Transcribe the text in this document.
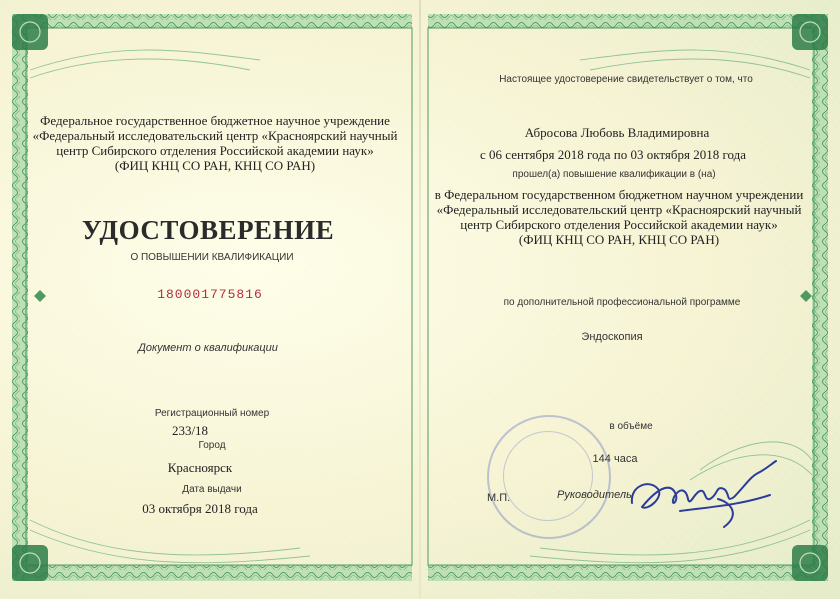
Федеральное государственное бюджетное научное учреждение
«Федеральный исследовательский центр «Красноярский научный
центр Сибирского отделения Российской академии наук»
(ФИЦ КНЦ СО РАН, КНЦ СО РАН)
УДОСТОВЕРЕНИЕ
О ПОВЫШЕНИИ КВАЛИФИКАЦИИ
180001775816
Документ о квалификации
Регистрационный номер
233/18
Город
Красноярск
Дата выдачи
03 октября 2018 года
Настоящее удостоверение свидетельствует о том, что
Абросова Любовь Владимировна
с 06 сентября 2018 года по 03 октября 2018 года
прошел(а) повышение квалификации в (на)
в Федеральном государственном бюджетном научном учреждении
«Федеральный исследовательский центр «Красноярский научный
центр Сибирского отделения Российской академии наук»
(ФИЦ КНЦ СО РАН, КНЦ СО РАН)
по дополнительной профессиональной программе
Эндоскопия
в объёме
144 часа
М.П.	Руководитель
